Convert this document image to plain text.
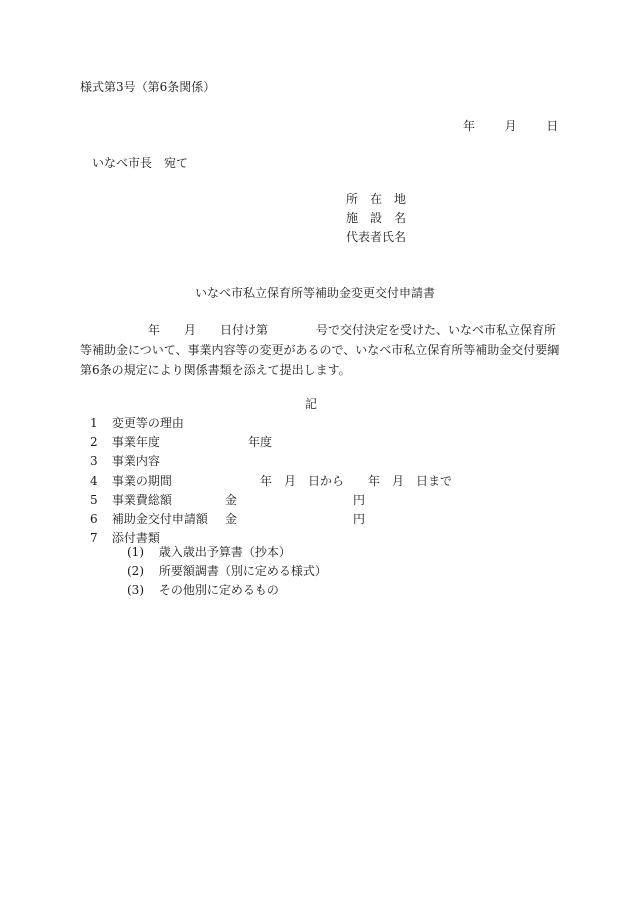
様式第3号（第6条関係）
年 月 日
いなべ市長　宛て
所　在　地
施　設　名
代表者氏名
いなべ市私立保育所等補助金変更交付申請書
年　　月　　日付け第　　　　号で交付決定を受けた、いなべ市私立保育所
等補助金について、事業内容等の変更があるので、いなべ市私立保育所等補助金交付要綱
第6条の規定により関係書類を添えて提出します。
記
1 変更等の理由
2 事業年度	年度
3 事業内容
4 事業の期間	年　月　日から　　年　月　日まで
5 事業費総額	金	円
6 補助金交付申請額 金	円
7 添付書類
(1) 歳入歳出予算書（抄本）
(2) 所要額調書（別に定める様式）
(3) その他別に定めるもの
